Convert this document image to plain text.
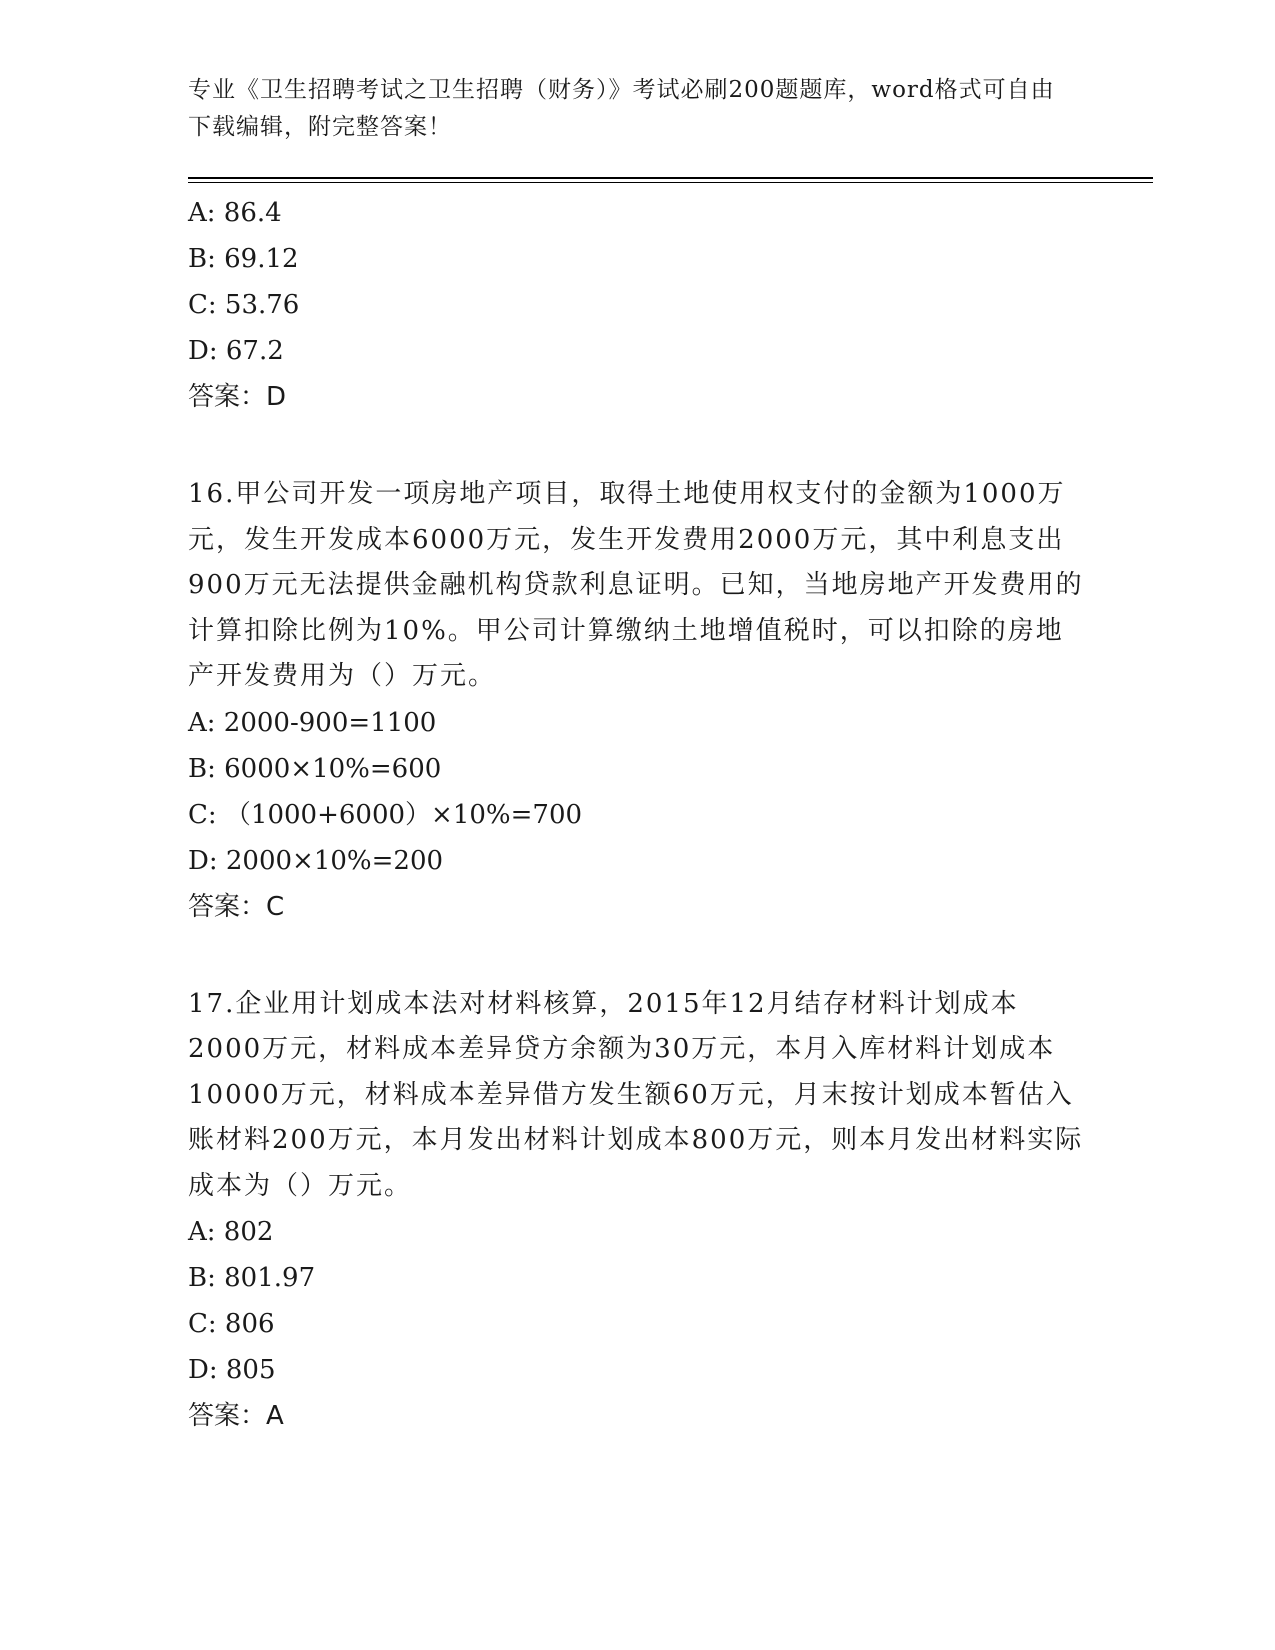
专业《卫生招聘考试之卫生招聘（财务）》考试必刷200题题库，word格式可自由下载编辑，附完整答案！
A: 86.4
B: 69.12
C: 53.76
D: 67.2
答案：D
16.甲公司开发一项房地产项目，取得土地使用权支付的金额为1000万元，发生开发成本6000万元，发生开发费用2000万元，其中利息支出900万元无法提供金融机构贷款利息证明。已知，当地房地产开发费用的计算扣除比例为10%。甲公司计算缴纳土地增值税时，可以扣除的房地产开发费用为（）万元。
A: 2000-900=1100
B: 6000×10%=600
C: （1000+6000）×10%=700
D: 2000×10%=200
答案：C
17.企业用计划成本法对材料核算，2015年12月结存材料计划成本2000万元，材料成本差异贷方余额为30万元，本月入库材料计划成本10000万元，材料成本差异借方发生额60万元，月末按计划成本暂估入账材料200万元，本月发出材料计划成本800万元，则本月发出材料实际成本为（）万元。
A: 802
B: 801.97
C: 806
D: 805
答案：A
